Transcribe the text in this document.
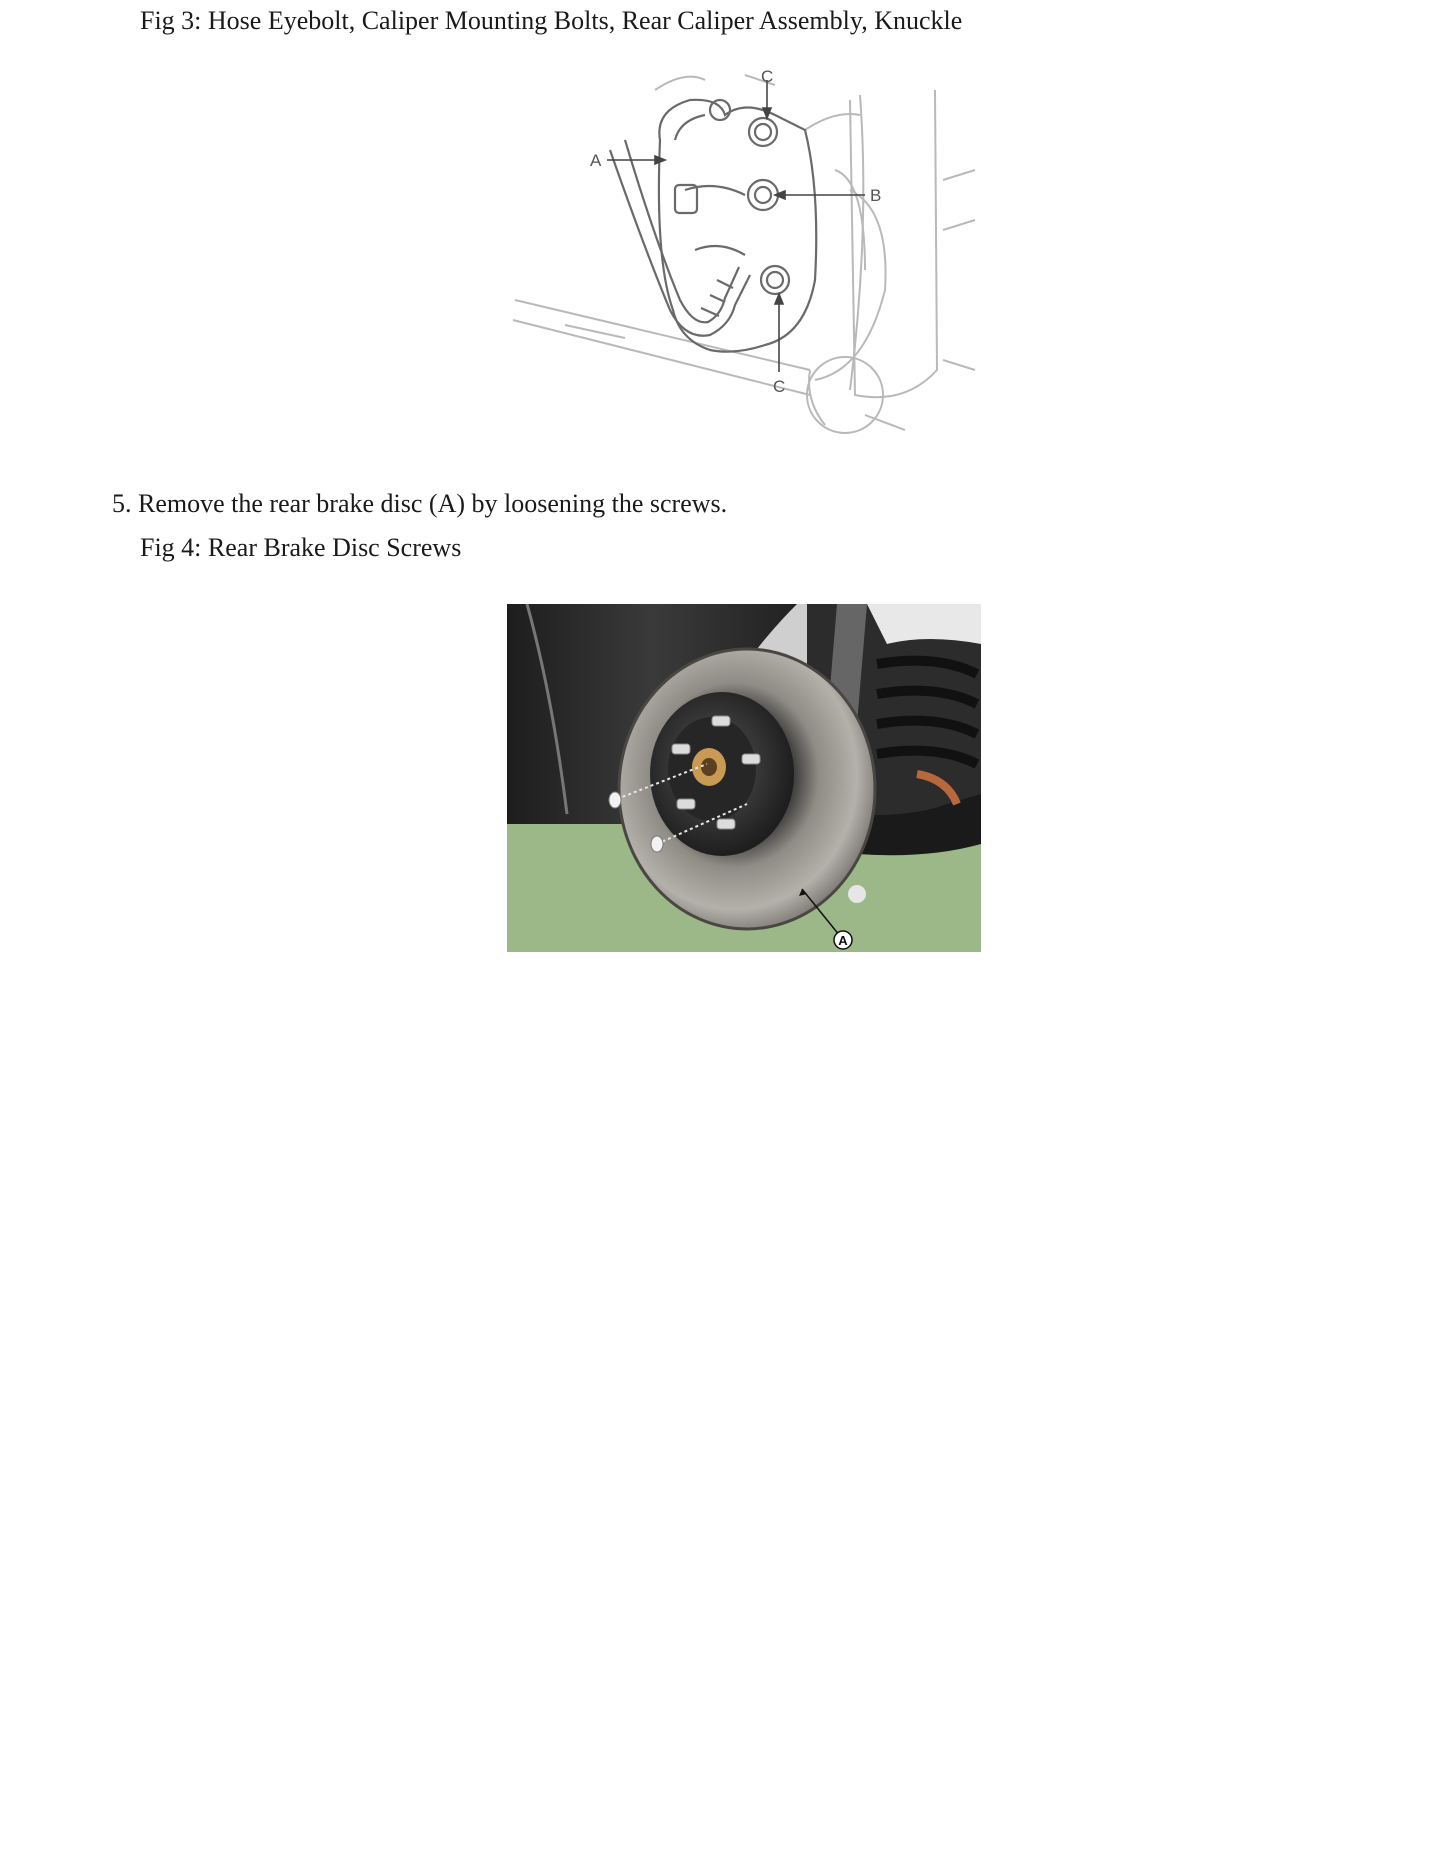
Fig 3: Hose Eyebolt, Caliper Mounting Bolts, Rear Caliper Assembly, Knuckle
A
B
C
C
5. Remove the rear brake disc (A) by loosening the screws.
Fig 4: Rear Brake Disc Screws
A
